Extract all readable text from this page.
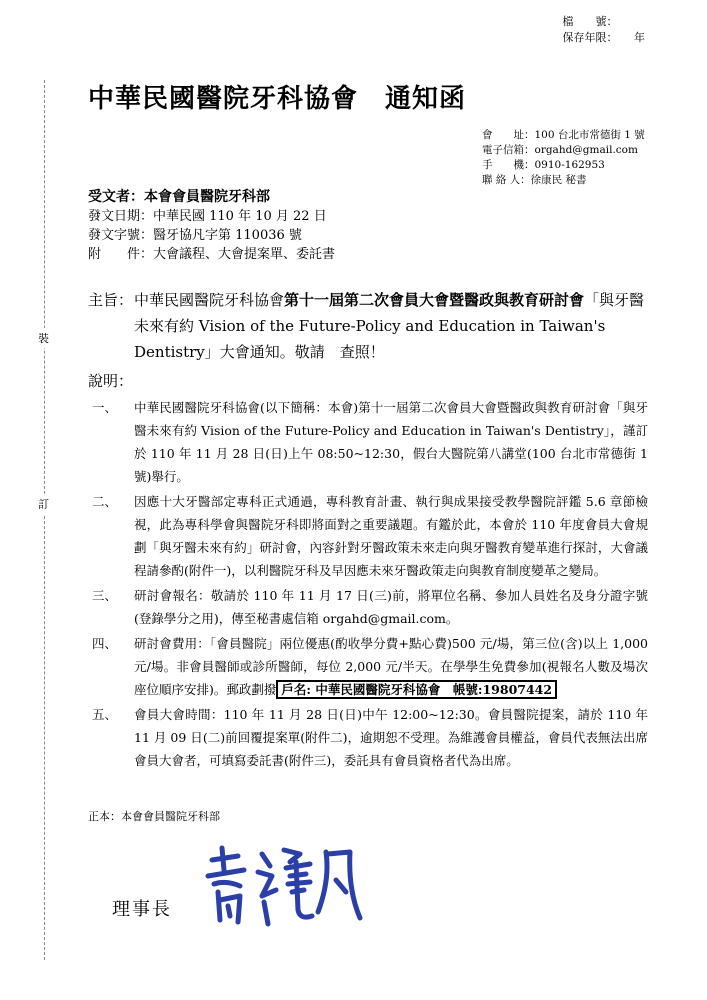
檔　　號：
保存年限：　　年
裝
訂
中華民國醫院牙科協會　通知函
會　　址：100 台北市常德街 1 號
電子信箱：orgahd@gmail.com
手　　機：0910-162953
聯 絡 人：徐康民 秘書
受文者：本會會員醫院牙科部
發文日期：中華民國 110 年 10 月 22 日
發文字號：醫牙協凡字第 110036 號
附　　件：大會議程、大會提案單、委託書
主旨： 中華民國醫院牙科協會第十一屆第二次會員大會暨醫政與教育研討會「與牙醫未來有約 Vision of the Future-Policy and Education in Taiwan's Dentistry」大會通知。敬請　查照！
說明：
一、 中華民國醫院牙科協會(以下簡稱：本會)第十一屆第二次會員大會暨醫政與教育研討會「與牙醫未來有約 Vision of the Future-Policy and Education in Taiwan's Dentistry」，謹訂於 110 年 11 月 28 日(日)上午 08:50~12:30，假台大醫院第八講堂(100 台北市常德街 1 號)舉行。
二、 因應十大牙醫部定專科正式通過，專科教育計畫、執行與成果接受教學醫院評鑑 5.6 章節檢視，此為專科學會與醫院牙科即將面對之重要議題。有鑑於此，本會於 110 年度會員大會規劃「與牙醫未來有約」研討會，內容針對牙醫政策未來走向與牙醫教育變革進行探討，大會議程請參酌(附件一)，以利醫院牙科及早因應未來牙醫政策走向與教育制度變革之變局。
三、 研討會報名：敬請於 110 年 11 月 17 日(三)前，將單位名稱、參加人員姓名及身分證字號(登錄學分之用)，傳至秘書處信箱 orgahd@gmail.com。
四、 研討會費用：「會員醫院」兩位優惠(酌收學分費+點心費)500 元/場，第三位(含)以上 1,000 元/場。非會員醫師或診所醫師，每位 2,000 元/半天。在學學生免費參加(視報名人數及場次座位順序安排)。郵政劃撥 戶名: 中華民國醫院牙科協會　帳號:19807442
五、 會員大會時間：110 年 11 月 28 日(日)中午 12:00~12:30。會員醫院提案，請於 110 年 11 月 09 日(二)前回覆提案單(附件二)，逾期恕不受理。為維護會員權益，會員代表無法出席會員大會者，可填寫委託書(附件三)，委託具有會員資格者代為出席。
正本：本會會員醫院牙科部
理事長
